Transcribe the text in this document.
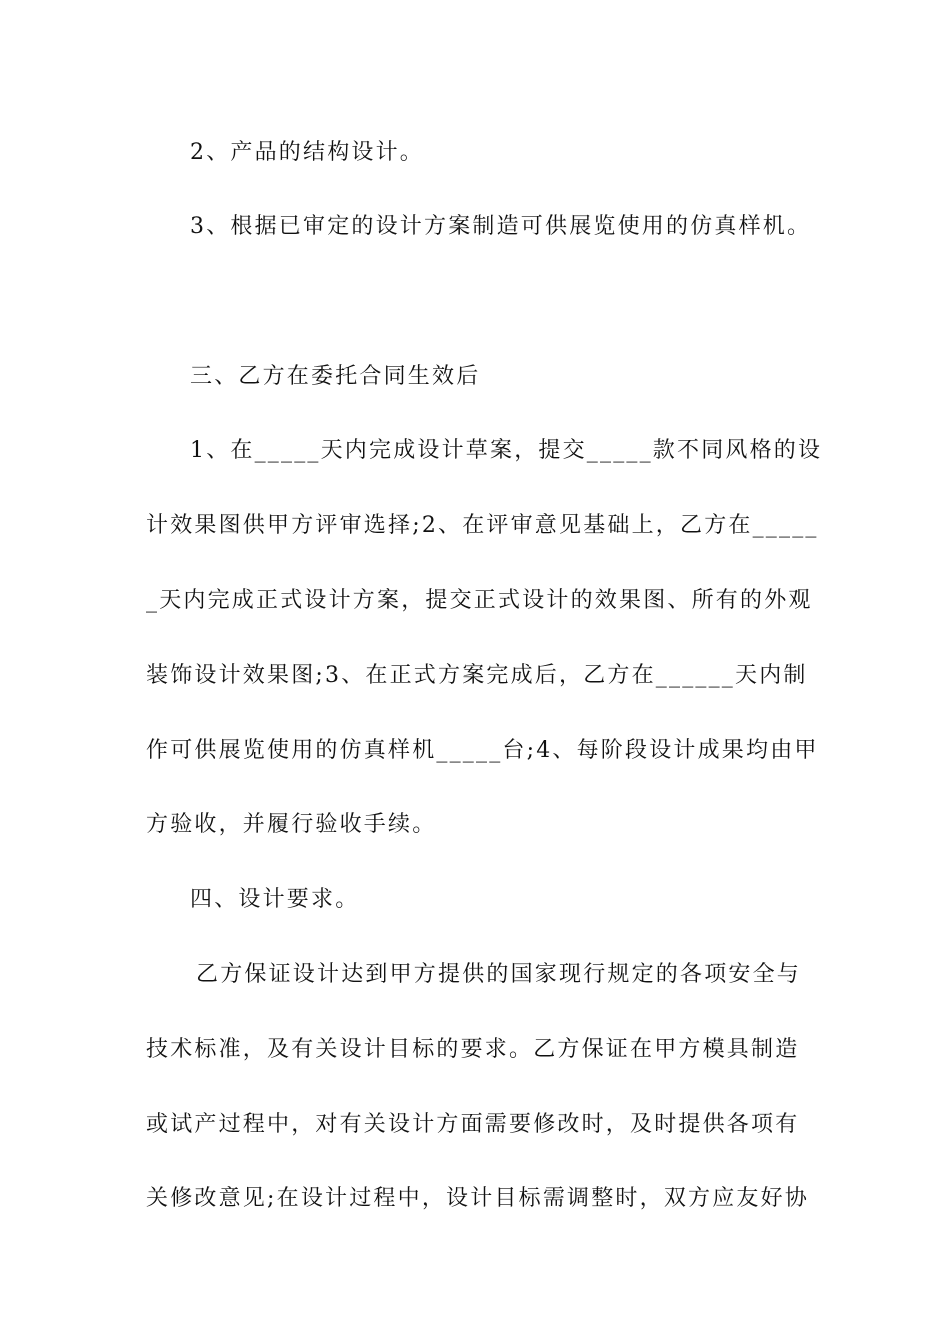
2、产品的结构设计。
3、根据已审定的设计方案制造可供展览使用的仿真样机。
三、乙方在委托合同生效后
1、在_____天内完成设计草案，提交_____款不同风格的设
计效果图供甲方评审选择;2、在评审意见基础上，乙方在_____
_天内完成正式设计方案，提交正式设计的效果图、所有的外观
装饰设计效果图;3、在正式方案完成后，乙方在______天内制
作可供展览使用的仿真样机_____台;4、每阶段设计成果均由甲
方验收，并履行验收手续。
四、设计要求。
乙方保证设计达到甲方提供的国家现行规定的各项安全与
技术标准，及有关设计目标的要求。乙方保证在甲方模具制造
或试产过程中，对有关设计方面需要修改时，及时提供各项有
关修改意见;在设计过程中，设计目标需调整时，双方应友好协
